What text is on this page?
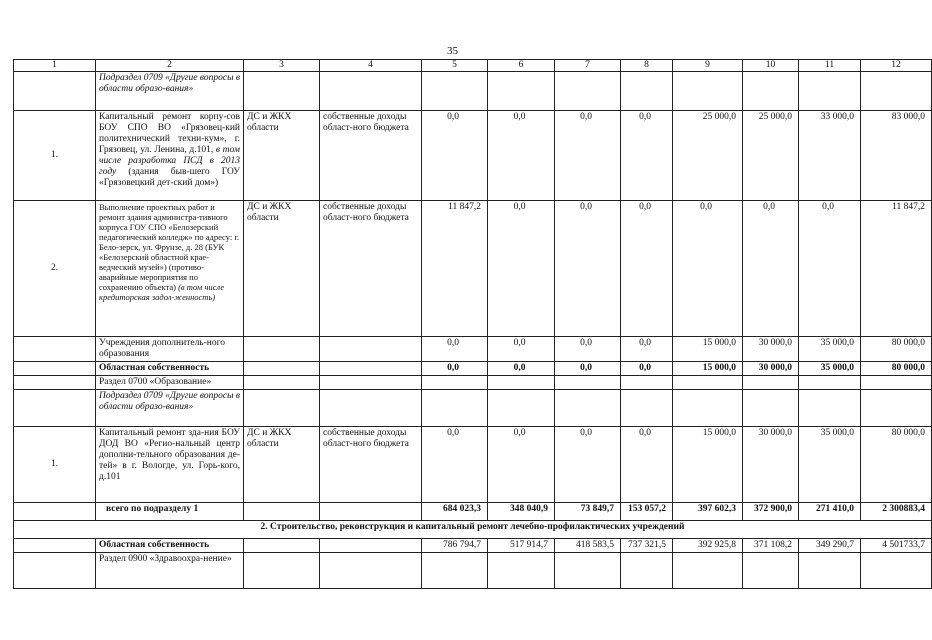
35
1	2	3	4	5	6	7	8	9	10	11	12
	Подраздел 0709 «Другие вопросы в области образо-вания»										
1.	Капитальный ремонт корпу-сов БОУ СПО ВО «Грязовец-кий политехнический техни-кум», г. Грязовец, ул. Ленина, д.101, в том числе разработка ПСД в 2013 году (здания быв-шего ГОУ «Грязовецкий дет-ский дом»)	ДС и ЖКХ области	собственные доходы област-ного бюджета	0,0	0,0	0,0	0,0	25 000,0	25 000,0	33 000,0	83 000,0
2.	Выполнение проектных работ и ремонт здания администра-тивного корпуса ГОУ СПО «Белозерский педагогический колледж» по адресу: г. Бело-зерск, ул. Фрунзе, д. 28 (БУК «Белозерский областной крае-ведческий музей») (противо-аварийные мероприятия по сохранению объекта) (в том числе кредиторская задол-женность)	ДС и ЖКХ области	собственные доходы област-ного бюджета	11 847,2	0,0	0,0	0,0	0,0	0,0	0,0	11 847,2
	Учреждения дополнитель-ного образования			0,0	0,0	0,0	0,0	15 000,0	30 000,0	35 000,0	80 000,0
	Областная собственность			0,0	0,0	0,0	0,0	15 000,0	30 000,0	35 000,0	80 000,0
	Раздел 0700 «Образование»										
	Подраздел 0709 «Другие вопросы в области образо-вания»										
1.	Капитальный ремонт зда-ния БОУ ДОД ВО «Регио-нальный центр дополни-тельного образования де-тей» в г. Вологде, ул. Горь-кого, д.101	ДС и ЖКХ области	собственные доходы област-ного бюджета	0,0	0,0	0,0	0,0	15 000,0	30 000,0	35 000,0	80 000,0
	всего по подразделу 1			684 023,3	348 040,9	73 849,7	153 057,2	397 602,3	372 900,0	271 410,0	2 300883,4
2. Строительство, реконструкция и капитальный ремонт лечебно-профилактических учреждений											
	Областная собственность			786 794,7	517 914,7	418 583,5	737 321,5	392 925,8	371 108,2	349 290,7	4 501733,7
	Раздел 0900 «Здравоохра-нение»										
